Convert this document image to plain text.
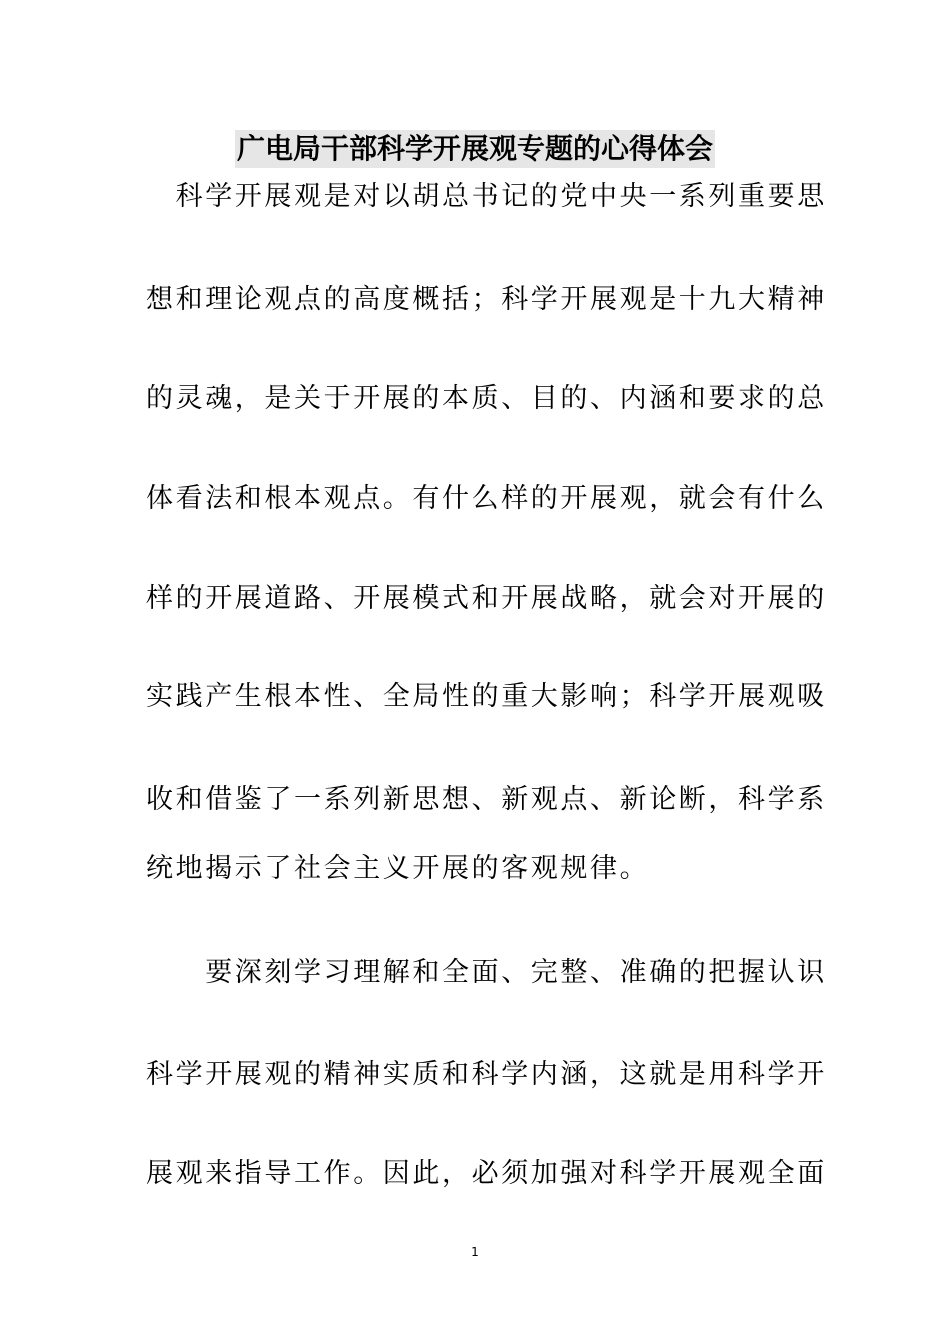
广电局干部科学开展观专题的心得体会
　科学开展观是对以胡总书记的党中央一系列重要思
想和理论观点的高度概括；科学开展观是十九大精神
的灵魂，是关于开展的本质、目的、内涵和要求的总
体看法和根本观点。有什么样的开展观，就会有什么
样的开展道路、开展模式和开展战略，就会对开展的
实践产生根本性、全局性的重大影响；科学开展观吸
收和借鉴了一系列新思想、新观点、新论断，科学系
统地揭示了社会主义开展的客观规律。
　　要深刻学习理解和全面、完整、准确的把握认识
科学开展观的精神实质和科学内涵，这就是用科学开
展观来指导工作。因此，必须加强对科学开展观全面
1
